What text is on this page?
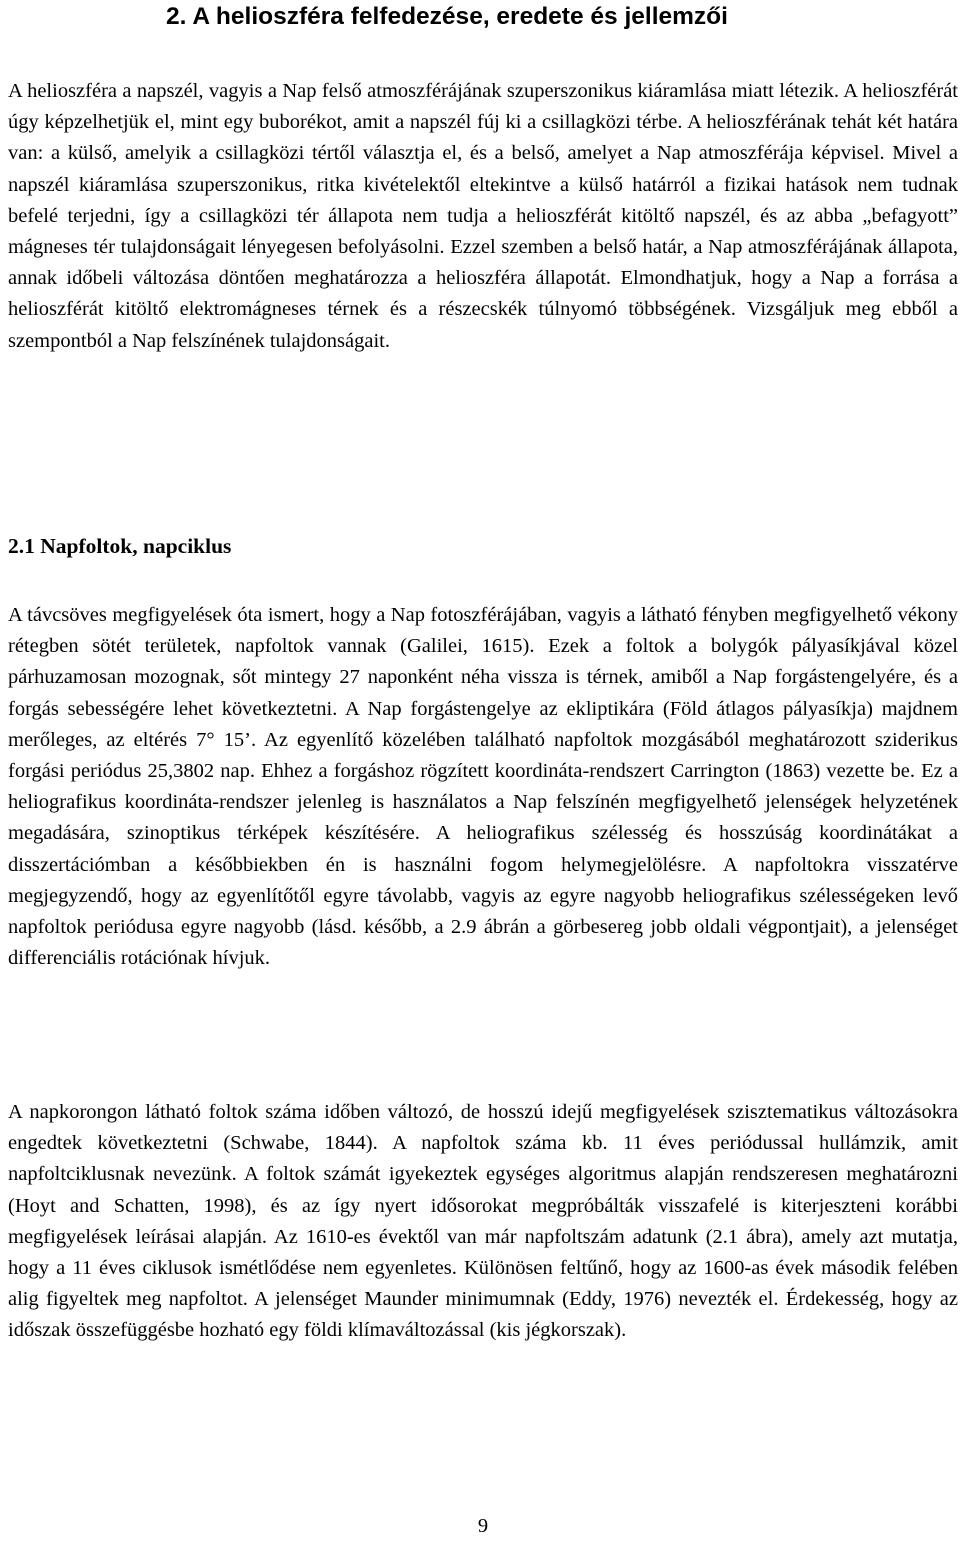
2. A helioszféra felfedezése, eredete és jellemzői

A helioszféra a napszél, vagyis a Nap felső atmoszférájának szuperszonikus kiáramlása miatt létezik. A helioszférát úgy képzelhetjük el, mint egy buborékot, amit a napszél fúj ki a csillagközi térbe. A helioszférának tehát két határa van: a külső, amelyik a csillagközi tértől választja el, és a belső, amelyet a Nap atmoszférája képvisel. Mivel a napszél kiáramlása szuperszonikus, ritka kivételektől eltekintve a külső határról a fizikai hatások nem tudnak befelé terjedni, így a csillagközi tér állapota nem tudja a helioszférát kitöltő napszél, és az abba „befagyott” mágneses tér tulajdonságait lényegesen befolyásolni. Ezzel szemben a belső határ, a Nap atmoszférájának állapota, annak időbeli változása döntően meghatározza a helioszféra állapotát. Elmondhatjuk, hogy a Nap a forrása a helioszférát kitöltő elektromágneses térnek és a részecskék túlnyomó többségének. Vizsgáljuk meg ebből a szempontból a Nap felszínének tulajdonságait.

2.1 Napfoltok, napciklus

A távcsöves megfigyelések óta ismert, hogy a Nap fotoszférájában, vagyis a látható fényben megfigyelhető vékony rétegben sötét területek, napfoltok vannak (Galilei, 1615). Ezek a foltok a bolygók pályasíkjával közel párhuzamosan mozognak, sőt mintegy 27 naponként néha vissza is térnek, amiből a Nap forgástengelyére, és a forgás sebességére lehet következtetni. A Nap forgástengelye az ekliptikára (Föld átlagos pályasíkja) majdnem merőleges, az eltérés 7° 15’. Az egyenlítő közelében található napfoltok mozgásából meghatározott sziderikus forgási periódus 25,3802 nap. Ehhez a forgáshoz rögzített koordináta-rendszert Carrington (1863) vezette be. Ez a heliografikus koordináta-rendszer jelenleg is használatos a Nap felszínén megfigyelhető jelenségek helyzetének megadására, szinoptikus térképek készítésére. A heliografikus szélesség és hosszúság koordinátákat a disszertációmban a későbbiekben én is használni fogom helymegjelölésre. A napfoltokra visszatérve megjegyzendő, hogy az egyenlítőtől egyre távolabb, vagyis az egyre nagyobb heliografikus szélességeken levő napfoltok periódusa egyre nagyobb (lásd. később, a 2.9 ábrán a görbesereg jobb oldali végpontjait), a jelenséget differenciális rotációnak hívjuk.

A napkorongon látható foltok száma időben változó, de hosszú idejű megfigyelések szisztematikus változásokra engedtek következtetni (Schwabe, 1844). A napfoltok száma kb. 11 éves periódussal hullámzik, amit napfoltciklusnak nevezünk. A foltok számát igyekeztek egységes algoritmus alapján rendszeresen meghatározni (Hoyt and Schatten, 1998), és az így nyert idősorokat megpróbálták visszafelé is kiterjeszteni korábbi megfigyelések leírásai alapján. Az 1610-es évektől van már napfoltszám adatunk (2.1 ábra), amely azt mutatja, hogy a 11 éves ciklusok ismétlődése nem egyenletes. Különösen feltűnő, hogy az 1600-as évek második felében alig figyeltek meg napfoltot. A jelenséget Maunder minimumnak (Eddy, 1976) nevezték el. Érdekesség, hogy az időszak összefüggésbe hozható egy földi klímaváltozással (kis jégkorszak).

9
